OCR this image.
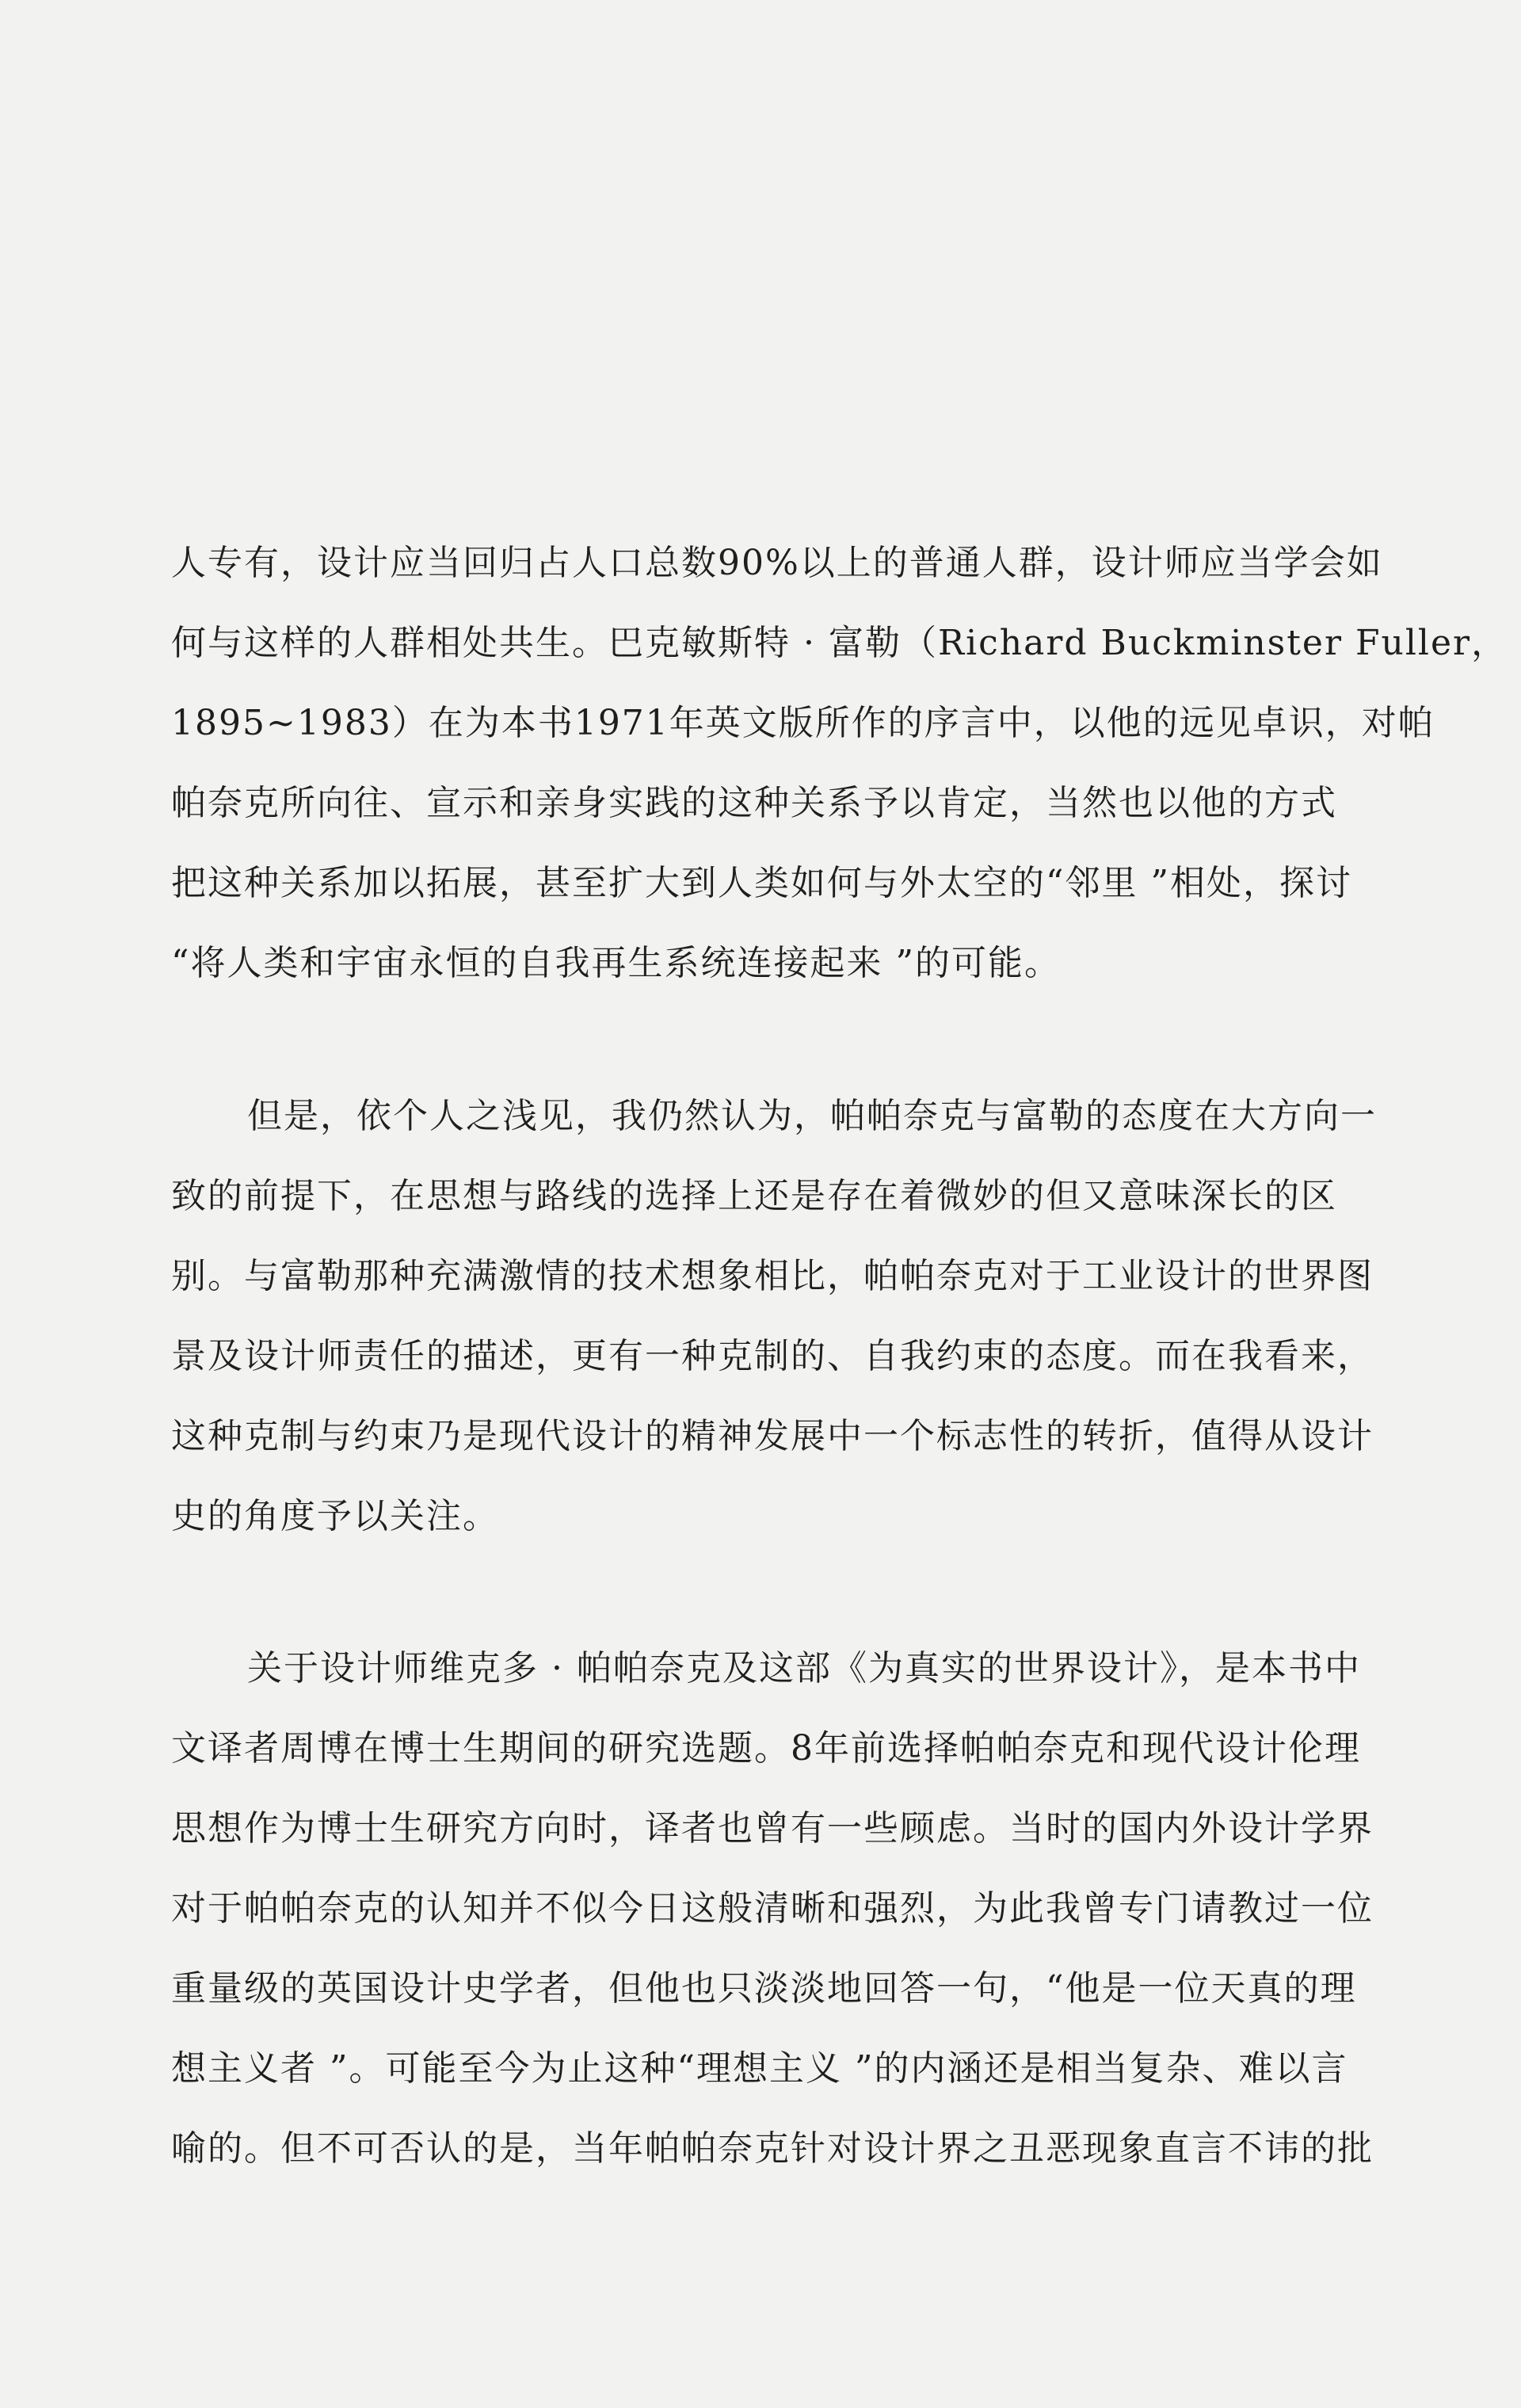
人专有，设计应当回归占人口总数90%以上的普通人群，设计师应当学会如
何与这样的人群相处共生。巴克敏斯特 · 富勒（Richard Buckminster Fuller，
1895~1983）在为本书1971年英文版所作的序言中，以他的远见卓识，对帕
帕奈克所向往、宣示和亲身实践的这种关系予以肯定，当然也以他的方式
把这种关系加以拓展，甚至扩大到人类如何与外太空的“邻里 ”相处，探讨
“将人类和宇宙永恒的自我再生系统连接起来 ”的可能。
但是，依个人之浅见，我仍然认为，帕帕奈克与富勒的态度在大方向一
致的前提下，在思想与路线的选择上还是存在着微妙的但又意味深长的区
别。与富勒那种充满激情的技术想象相比，帕帕奈克对于工业设计的世界图
景及设计师责任的描述，更有一种克制的、自我约束的态度。而在我看来，
这种克制与约束乃是现代设计的精神发展中一个标志性的转折，值得从设计
史的角度予以关注。
关于设计师维克多 · 帕帕奈克及这部《为真实的世界设计》，是本书中
文译者周博在博士生期间的研究选题。8年前选择帕帕奈克和现代设计伦理
思想作为博士生研究方向时，译者也曾有一些顾虑。当时的国内外设计学界
对于帕帕奈克的认知并不似今日这般清晰和强烈，为此我曾专门请教过一位
重量级的英国设计史学者，但他也只淡淡地回答一句，“他是一位天真的理
想主义者 ”。可能至今为止这种“理想主义 ”的内涵还是相当复杂、难以言
喻的。但不可否认的是，当年帕帕奈克针对设计界之丑恶现象直言不讳的批
